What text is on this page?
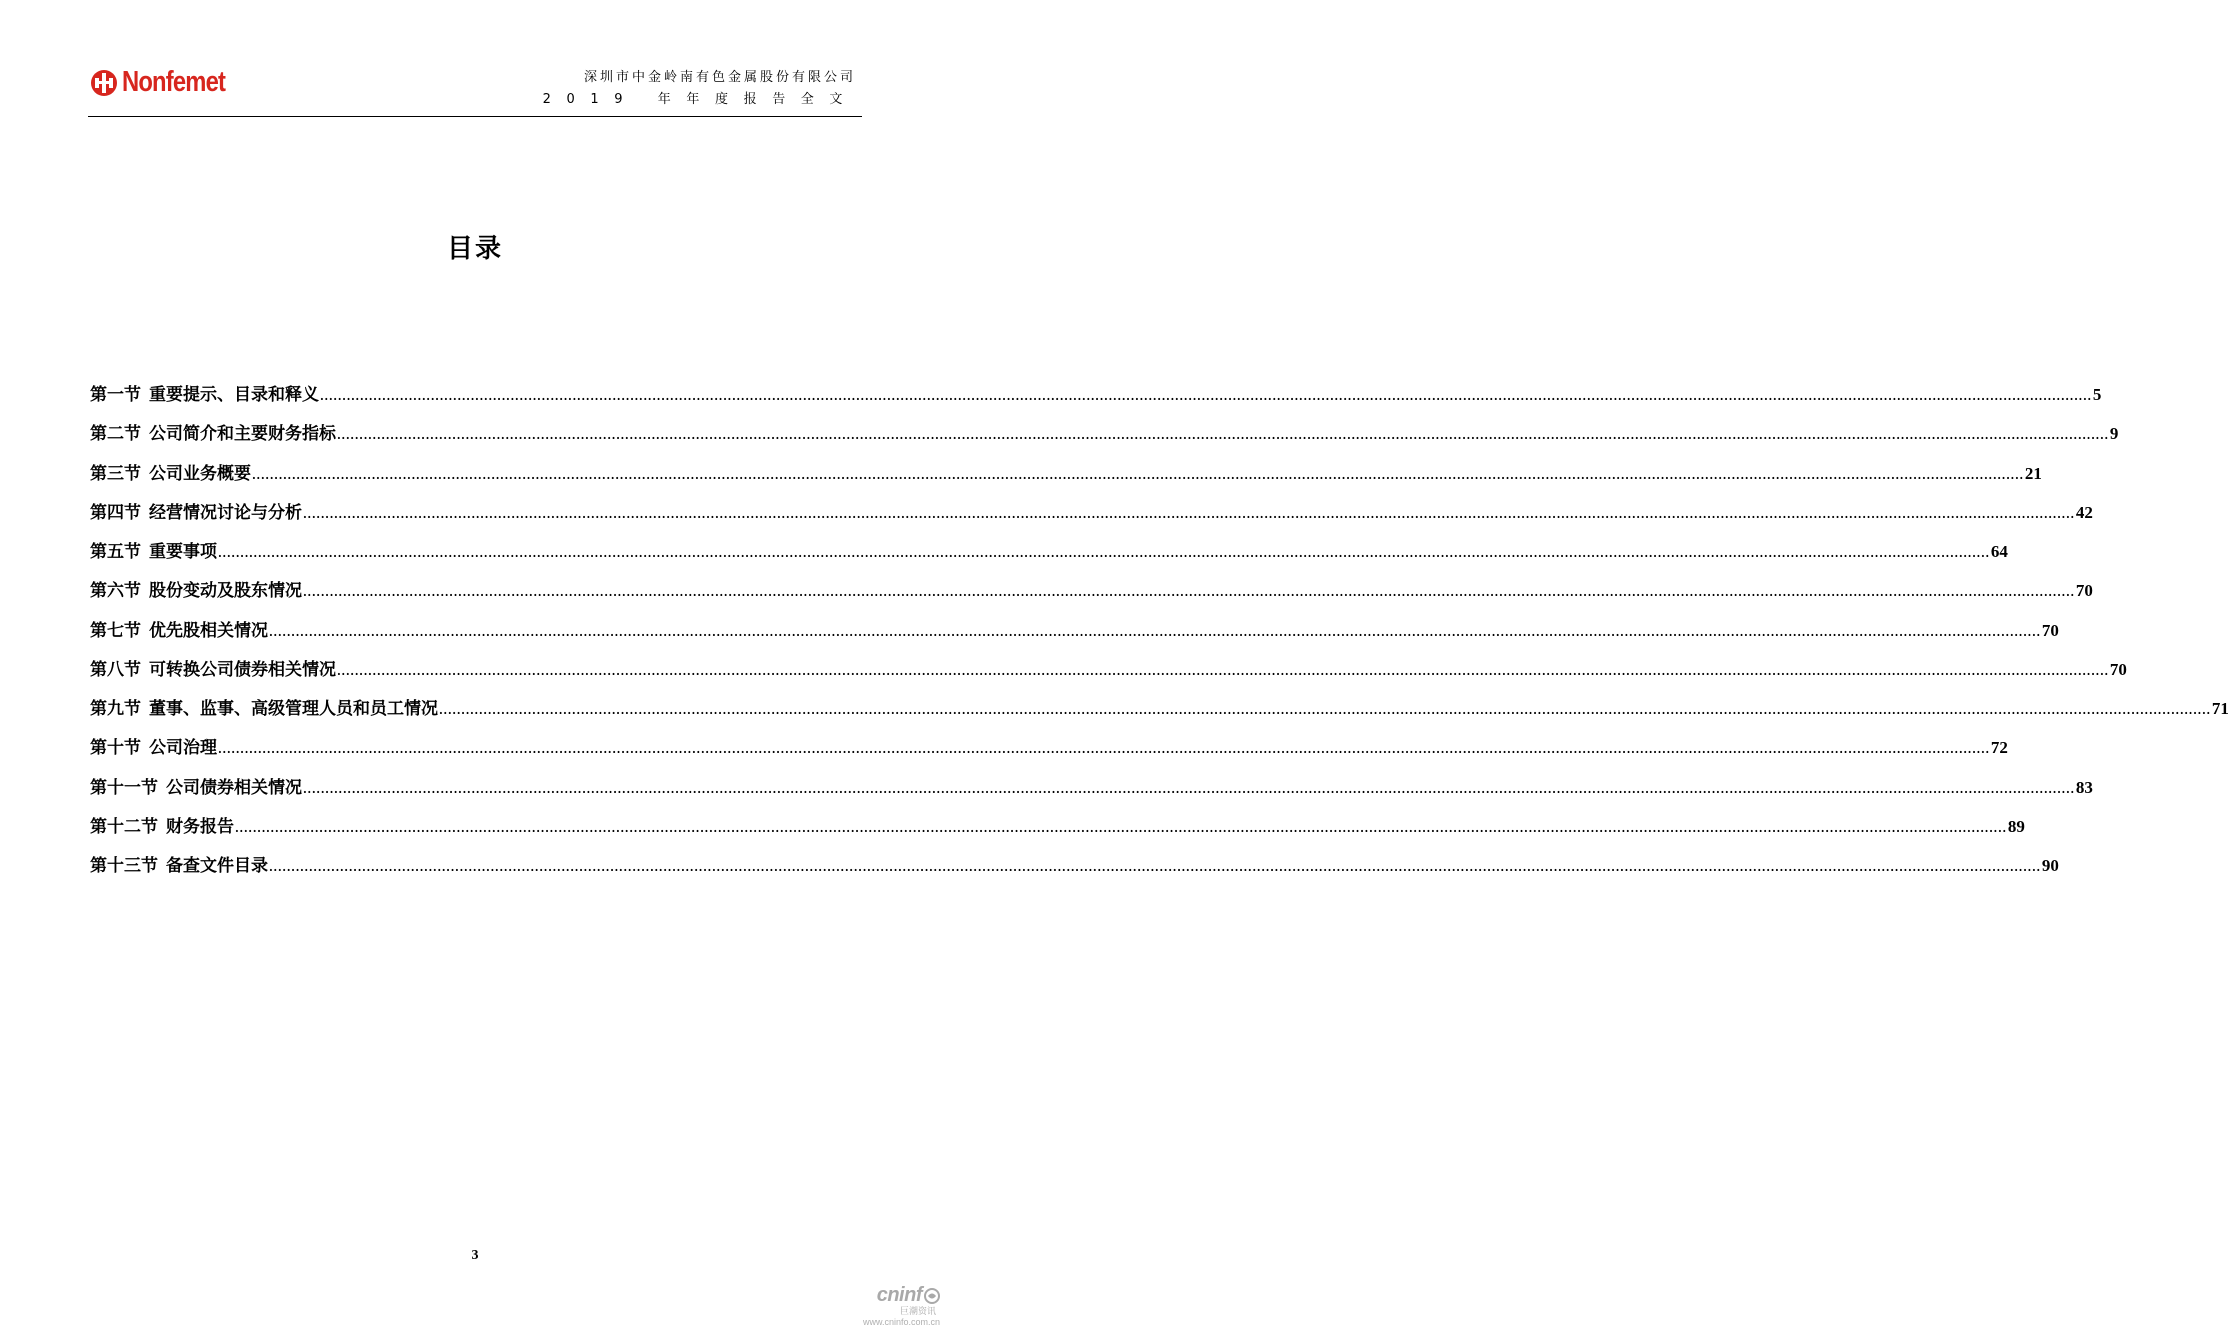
Nonfemet	深圳市中金岭南有色金属股份有限公司
2019 年年度报告全文
目录
第一节 重要提示、目录和释义 ................................................................................................................................................................................................................................................................................................................................................................................................................ 5
第二节 公司简介和主要财务指标 ................................................................................................................................................................................................................................................................................................................................................................................................................ 9
第三节 公司业务概要 ................................................................................................................................................................................................................................................................................................................................................................................................................ 21
第四节 经营情况讨论与分析 ................................................................................................................................................................................................................................................................................................................................................................................................................ 42
第五节 重要事项 ................................................................................................................................................................................................................................................................................................................................................................................................................ 64
第六节 股份变动及股东情况 ................................................................................................................................................................................................................................................................................................................................................................................................................ 70
第七节 优先股相关情况 ................................................................................................................................................................................................................................................................................................................................................................................................................ 70
第八节 可转换公司债券相关情况 ................................................................................................................................................................................................................................................................................................................................................................................................................ 70
第九节 董事、监事、高级管理人员和员工情况 ................................................................................................................................................................................................................................................................................................................................................................................................................ 71
第十节 公司治理 ................................................................................................................................................................................................................................................................................................................................................................................................................ 72
第十一节 公司债券相关情况 ................................................................................................................................................................................................................................................................................................................................................................................................................ 83
第十二节 财务报告 ................................................................................................................................................................................................................................................................................................................................................................................................................ 89
第十三节 备查文件目录 ................................................................................................................................................................................................................................................................................................................................................................................................................ 90
3
cninf
巨潮资讯
www.cninfo.com.cn
